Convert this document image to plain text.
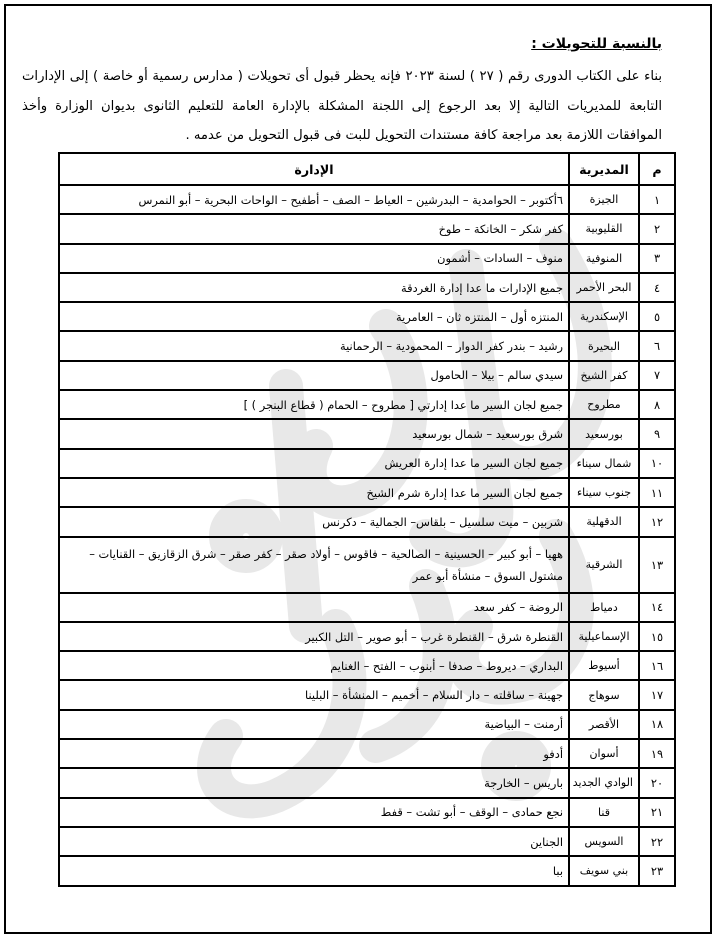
بالنسبة للتحويلات :
بناء على الكتاب الدورى رقم ( ٢٧ ) لسنة ٢٠٢٣ فإنه يحظر قبول أى تحويلات ( مدارس رسمية أو خاصة ) إلى الإدارات التابعة للمديريات التالية إلا بعد الرجوع إلى اللجنة المشكلة بالإدارة العامة للتعليم الثانوى بديوان الوزارة وأخذ الموافقات اللازمة بعد مراجعة كافة مستندات التحويل للبت فى قبول التحويل من عدمه .
م	المديرية	الإدارة
١	الجيزة	٦أكتوبر – الحوامدية – البدرشين – العياط – الصف – أطفيح – الواحات البحرية – أبو النمرس
٢	القليوبية	كفر شكر – الخانكة – طوخ
٣	المنوفية	منوف – السادات – أشمون
٤	البحر الأحمر	جميع الإدارات ما عدا إدارة الغردقة
٥	الإسكندرية	المنتزه أول – المنتزه ثان – العامرية
٦	البحيرة	رشيد – بندر كفر الدوار – المحمودية – الرحمانية
٧	كفر الشيخ	سيدي سالم – بيلا – الحامول
٨	مطروح	جميع لجان السير ما عدا إدارتي [ مطروح – الحمام ( قطاع البنجر ) ]
٩	بورسعيد	شرق بورسعيد – شمال بورسعيد
١٠	شمال سيناء	جميع لجان السير ما عدا إدارة العريش
١١	جنوب سيناء	جميع لجان السير ما عدا إدارة شرم الشيخ
١٢	الدقهلية	شربين – ميت سلسيل – بلقاس– الجمالية – دكرنس
١٣	الشرقية	ههيا – أبو كبير – الحسينية – الصالحية – فاقوس – أولاد صقر – كفر صقر – شرق الزقازيق – القنايات – مشتول السوق – منشأة أبو عمر
١٤	دمياط	الروضة – كفر سعد
١٥	الإسماعيلية	القنطرة شرق – القنطرة غرب – أبو صوير – التل الكبير
١٦	أسيوط	البداري – ديروط – صدفا – أبنوب – الفتح – الغنايم
١٧	سوهاج	جهينة – ساقلته – دار السلام – أخميم – المنشأة – البلينا
١٨	الأقصر	أرمنت – البياضية
١٩	أسوان	أدفو
٢٠	الوادي الجديد	باريس – الخارجة
٢١	قنا	نجع حمادى – الوقف – أبو تشت – قفط
٢٢	السويس	الجناين
٢٣	بني سويف	ببا
